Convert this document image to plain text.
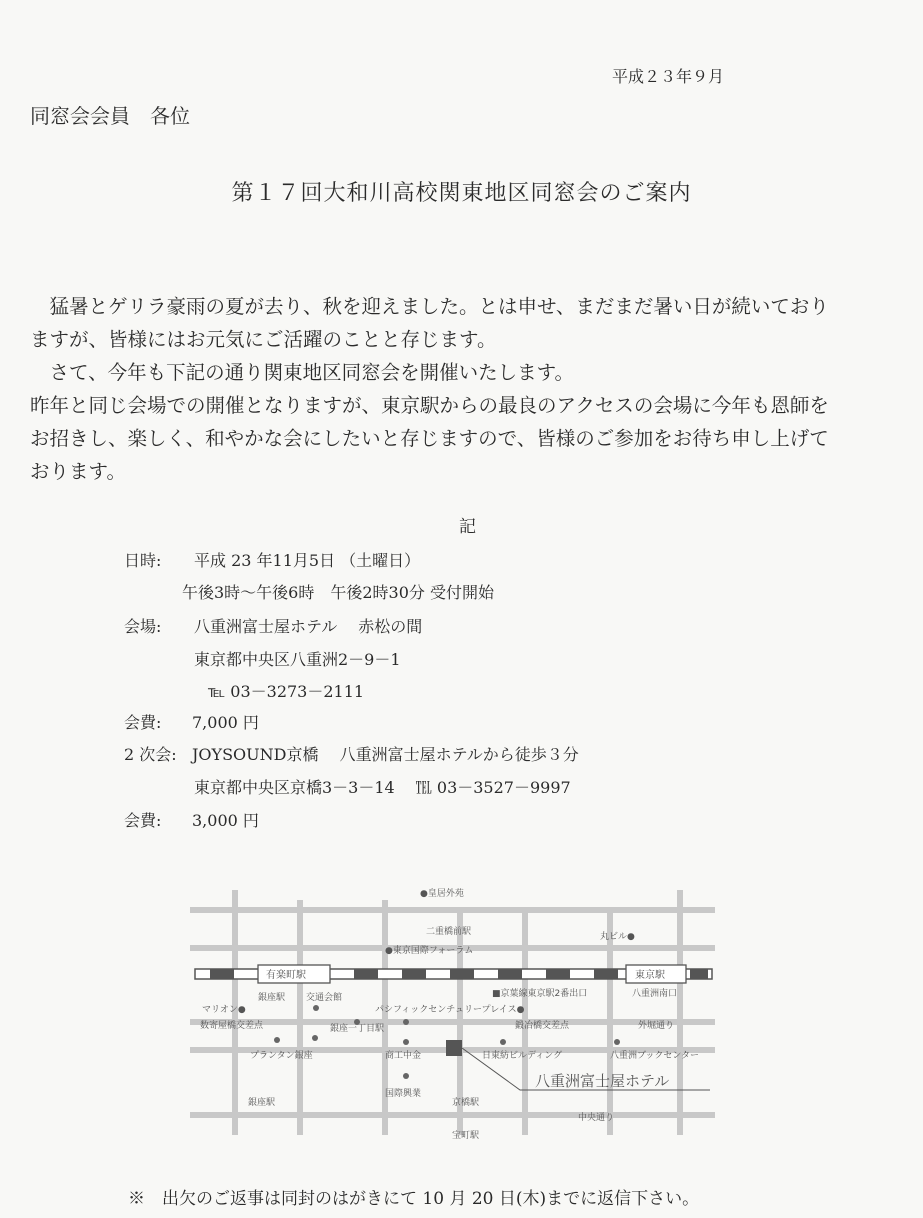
平成２３年９月
同窓会会員　各位
第１７回大和川高校関東地区同窓会のご案内
　猛暑とゲリラ豪雨の夏が去り、秋を迎えました。とは申せ、まだまだ暑い日が続いており
ますが、皆様にはお元気にご活躍のことと存じます。
　さて、今年も下記の通り関東地区同窓会を開催いたします。
昨年と同じ会場での開催となりますが、東京駅からの最良のアクセスの会場に今年も恩師を
お招きし、楽しく、和やかな会にしたいと存じますので、皆様のご参加をお待ち申し上げて
おります。
記
日時: 平成 23 年11月5日 （土曜日）
午後3時～午後6時　午後2時30分 受付開始
会場: 八重洲富士屋ホテル　 赤松の間
東京都中央区八重洲2－9－1
℡ 03－3273－2111
会費: 7,000 円
2 次会: JOYSOUND京橋　 八重洲富士屋ホテルから徒歩３分
東京都中央区京橋3－3－14　 ℡ 03－3527－9997
会費: 3,000 円
●皇居外苑
二重橋前駅
●東京国際フォーラム
丸ビル●
有楽町駅	東京駅
銀座駅 交通会館
マリオン●	パシフィックセンチュリープレイス●
■京葉線東京駅2番出口	八重洲南口
数寄屋橋交差点	銀座一丁目駅	鍛冶橋交差点	外堀通り
プランタン銀座	商工中金	日東紡ビルディング	八重洲ブックセンター
国際興業
八重洲富士屋ホテル
銀座駅	京橋駅
中央通り
宝町駅
※　出欠のご返事は同封のはがきにて 10 月 20 日(木)までに返信下さい。
